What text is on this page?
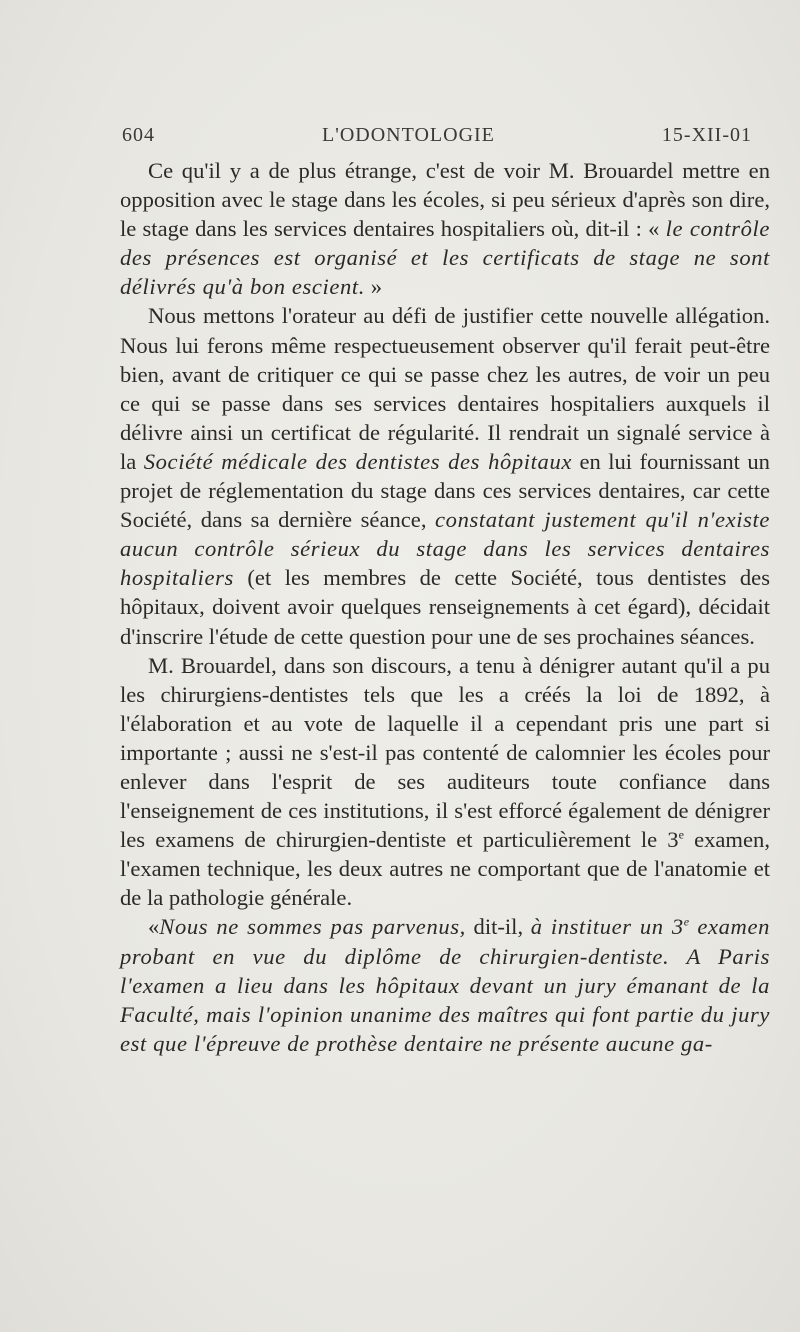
604	L'ODONTOLOGIE	15-XII-01

Ce qu'il y a de plus étrange, c'est de voir M. Brouardel mettre en opposition avec le stage dans les écoles, si peu sérieux d'après son dire, le stage dans les services dentaires hospitaliers où, dit-il : « le contrôle des présences est organisé et les certificats de stage ne sont délivrés qu'à bon escient. »

Nous mettons l'orateur au défi de justifier cette nouvelle allégation. Nous lui ferons même respectueusement observer qu'il ferait peut-être bien, avant de critiquer ce qui se passe chez les autres, de voir un peu ce qui se passe dans ses services dentaires hospitaliers auxquels il délivre ainsi un certificat de régularité. Il rendrait un signalé service à la Société médicale des dentistes des hôpitaux en lui fournissant un projet de réglementation du stage dans ces services dentaires, car cette Société, dans sa dernière séance, constatant justement qu'il n'existe aucun contrôle sérieux du stage dans les services dentaires hospitaliers (et les membres de cette Société, tous dentistes des hôpitaux, doivent avoir quelques renseignements à cet égard), décidait d'inscrire l'étude de cette question pour une de ses prochaines séances.

M. Brouardel, dans son discours, a tenu à dénigrer autant qu'il a pu les chirurgiens-dentistes tels que les a créés la loi de 1892, à l'élaboration et au vote de laquelle il a cependant pris une part si importante ; aussi ne s'est-il pas contenté de calomnier les écoles pour enlever dans l'esprit de ses auditeurs toute confiance dans l'enseignement de ces institutions, il s'est efforcé également de dénigrer les examens de chirurgien-dentiste et particulièrement le 3e examen, l'examen technique, les deux autres ne comportant que de l'anatomie et de la pathologie générale.

«Nous ne sommes pas parvenus, dit-il, à instituer un 3e examen probant en vue du diplôme de chirurgien-dentiste. A Paris l'examen a lieu dans les hôpitaux devant un jury émanant de la Faculté, mais l'opinion unanime des maîtres qui font partie du jury est que l'épreuve de prothèse dentaire ne présente aucune ga-
